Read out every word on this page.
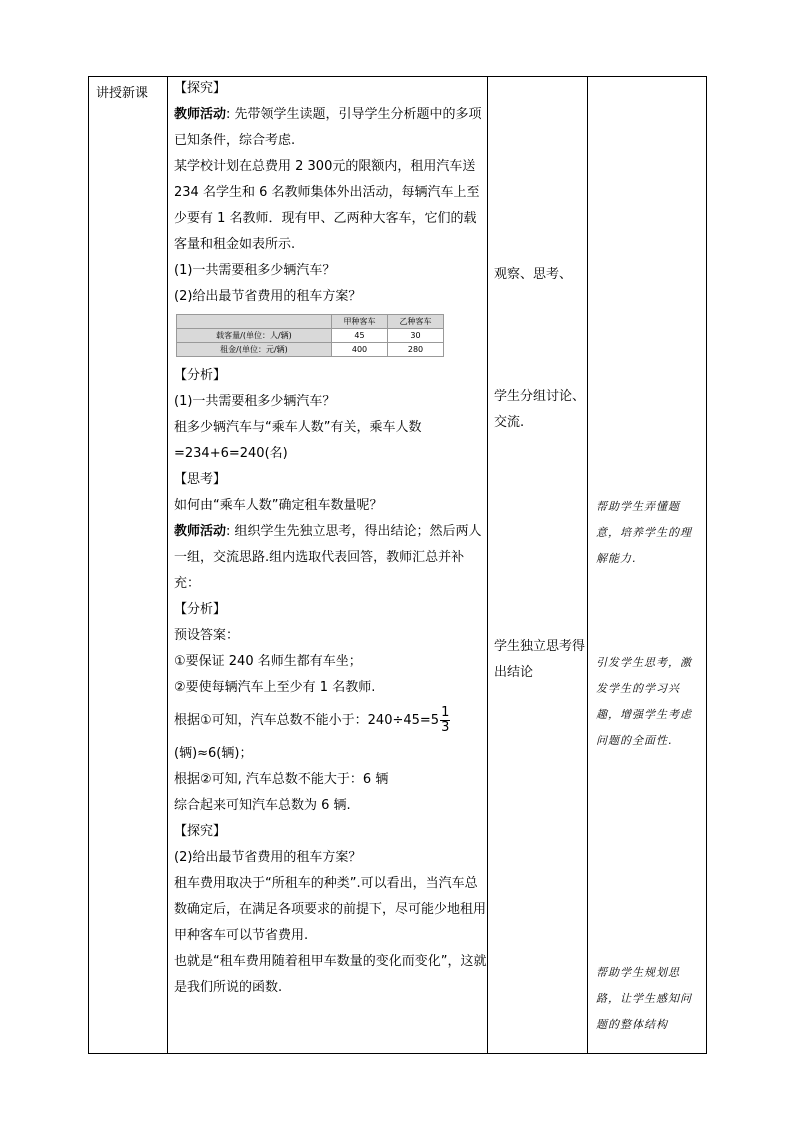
讲授新课	【探究】

教师活动: 先带领学生读题，引导学生分析题中的多项已知条件，综合考虑.

某学校计划在总费用 2 300元的限额内，租用汽车送 234 名学生和 6 名教师集体外出活动，每辆汽车上至少要有 1 名教师．现有甲、乙两种大客车，它们的载客量和租金如表所示.

(1)一共需要租多少辆汽车？

(2)给出最节省费用的租车方案？

	甲种客车	乙种客车
载客量/(单位：人/辆)	45	30
租金/(单位：元/辆)	400	280

【分析】

(1)一共需要租多少辆汽车？

租多少辆汽车与“乘车人数”有关，乘车人数=234+6=240(名)

【思考】

如何由“乘车人数”确定租车数量呢？

教师活动: 组织学生先独立思考，得出结论；然后两人一组，交流思路.组内选取代表回答，教师汇总并补充：

【分析】

预设答案：

①要保证 240 名师生都有车坐；

②要使每辆汽车上至少有 1 名教师.

根据①可知，汽车总数不能小于：$240\div 45=5 \frac{1}{3}$

(辆)≈6(辆)；

根据②可知, 汽车总数不能大于：6 辆

综合起来可知汽车总数为 6 辆.

【探究】

(2)给出最节省费用的租车方案？

租车费用取决于“所租车的种类”.可以看出，当汽车总数确定后，在满足各项要求的前提下，尽可能少地租用甲种客车可以节省费用.

也就是“租车费用随着租甲车数量的变化而变化”，这就是我们所说的函数.

观察、思考、
学生分组讨论、交流.
学生独立思考得出结论
帮助学生弄懂题意，培养学生的理解能力.
引发学生思考，激发学生的学习兴趣，增强学生考虑问题的全面性.
帮助学生规划思路，让学生感知问题的整体结构
